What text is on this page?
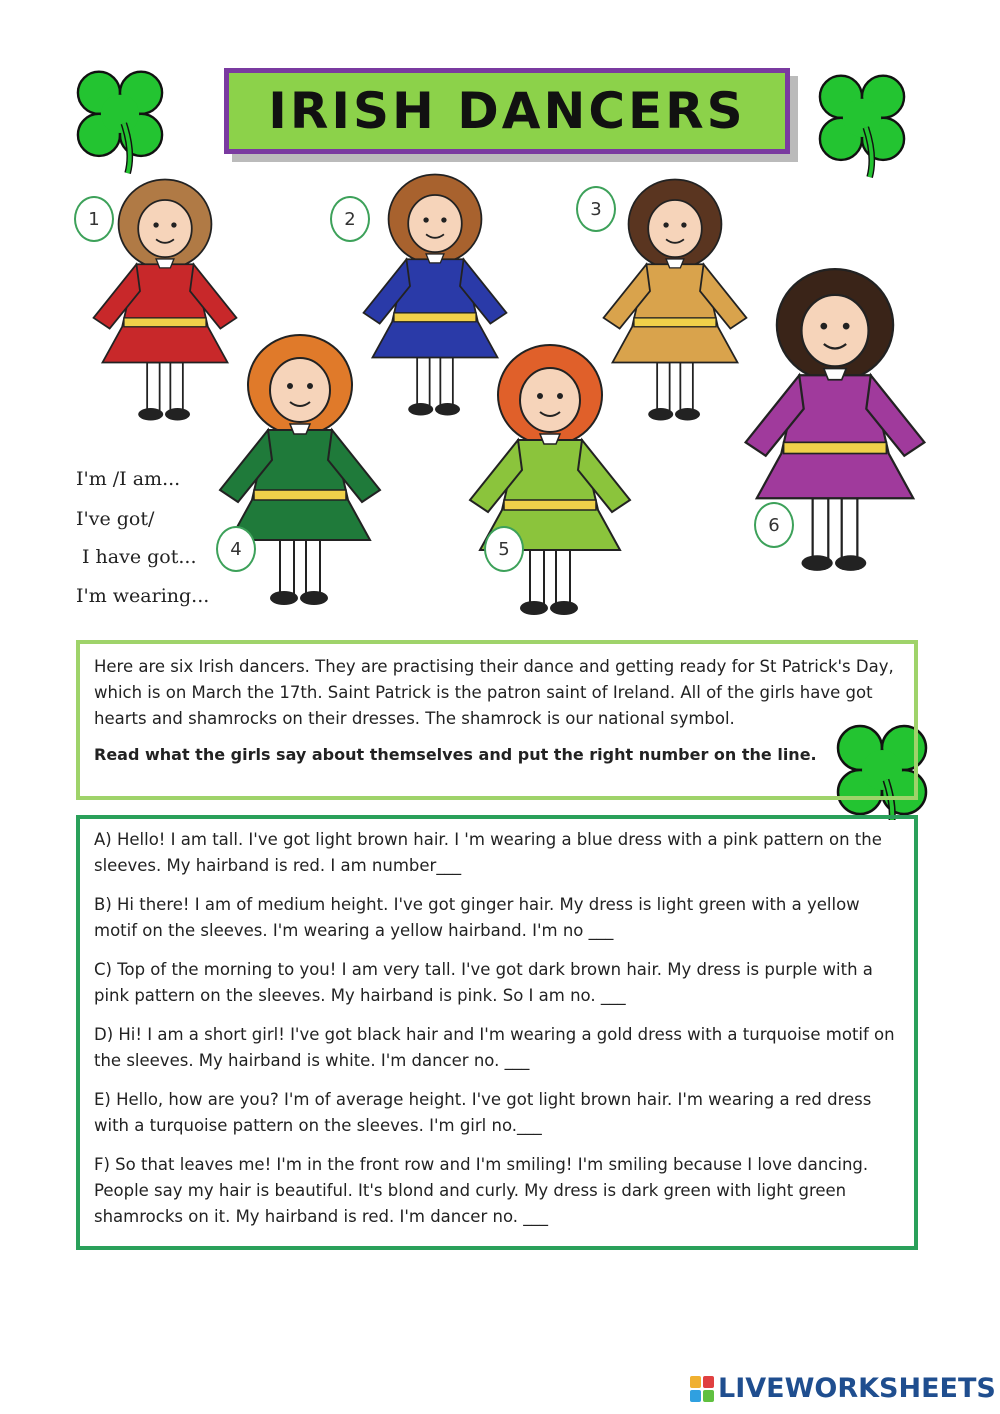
IRISH DANCERS
1	2	3
4	5
6
I'm /I am...
I've got/
I have got...
I'm wearing...

Here are six Irish dancers. They are practising their dance and getting ready for St Patrick's Day, which is on March the 17th. Saint Patrick is the patron saint of Ireland. All of the girls have got hearts and shamrocks on their dresses. The shamrock is our national symbol.

Read what the girls say about themselves and put the right number on the line.

A) Hello! I am tall. I've got light brown hair. I 'm wearing a blue dress with a pink pattern on the sleeves. My hairband is red. I am number___

B) Hi there! I am of medium height. I've got ginger hair. My dress is light green with a yellow motif on the sleeves. I'm wearing a yellow hairband. I'm no ___

C) Top of the morning to you! I am very tall. I've got dark brown hair. My dress is purple with a pink pattern on the sleeves. My hairband is pink. So I am no. ___

D) Hi! I am a short girl! I've got black hair and I'm wearing a gold dress with a turquoise motif on the sleeves. My hairband is white. I'm dancer no. ___

E) Hello, how are you? I'm of average height. I've got light brown hair. I'm wearing a red dress with a turquoise pattern on the sleeves. I'm girl no.___

F) So that leaves me! I'm in the front row and I'm smiling! I'm smiling because I love dancing. People say my hair is beautiful. It's blond and curly. My dress is dark green with light green shamrocks on it. My hairband is red. I'm dancer no. ___

LIVEWORKSHEETS
